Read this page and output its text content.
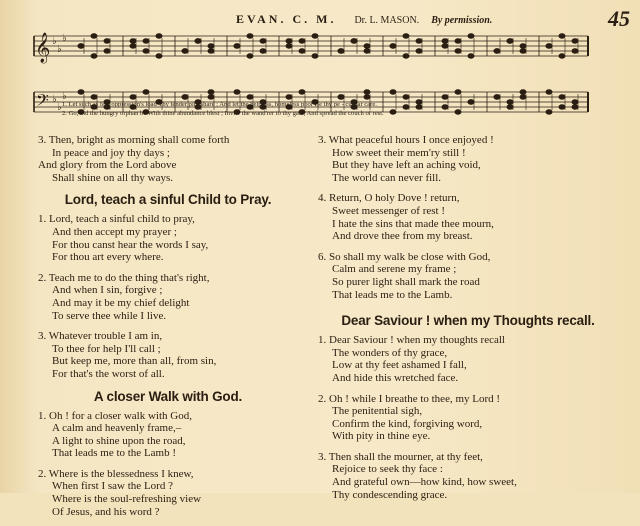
EVAN. C. M. Dr. L. MASON. By permission.	45
𝄞
𝄢
♭
♭
♭
♭
♭
♭
1. Let such as feel oppression's load Thy tender pity share ; And let the helpless, homeless poor Be thy pe - cu-liar care.
2. Go, bid the hungry orphan be With thine abundance blest ; Invite the wand'rer to thy gate, And spread the couch of rest.
3. Then, bright as morning shall come forth
In peace and joy thy days ;
And glory from the Lord above
Shall shine on all thy ways.
Lord, teach a sinful Child to Pray.
1. Lord, teach a sinful child to pray,
And then accept my prayer ;
For thou canst hear the words I say,
For thou art every where.
2. Teach me to do the thing that's right,
And when I sin, forgive ;
And may it be my chief delight
To serve thee while I live.
3. Whatever trouble I am in,
To thee for help I'll call ;
But keep me, more than all, from sin,
For that's the worst of all.
A closer Walk with God.
1. Oh ! for a closer walk with God,
A calm and heavenly frame,–
A light to shine upon the road,
That leads me to the Lamb !
2. Where is the blessedness I knew,
When first I saw the Lord ?
Where is the soul-refreshing view
Of Jesus, and his word ?
3. What peaceful hours I once enjoyed !
How sweet their mem'ry still !
But they have left an aching void,
The world can never fill.
4. Return, O holy Dove ! return,
Sweet messenger of rest !
I hate the sins that made thee mourn,
And drove thee from my breast.
6. So shall my walk be close with God,
Calm and serene my frame ;
So purer light shall mark the road
That leads me to the Lamb.
Dear Saviour ! when my Thoughts recall.
1. Dear Saviour ! when my thoughts recall
The wonders of thy grace,
Low at thy feet ashamed I fall,
And hide this wretched face.
2. Oh ! while I breathe to thee, my Lord !
The penitential sigh,
Confirm the kind, forgiving word,
With pity in thine eye.
3. Then shall the mourner, at thy feet,
Rejoice to seek thy face :
And grateful own—how kind, how sweet,
Thy condescending grace.
